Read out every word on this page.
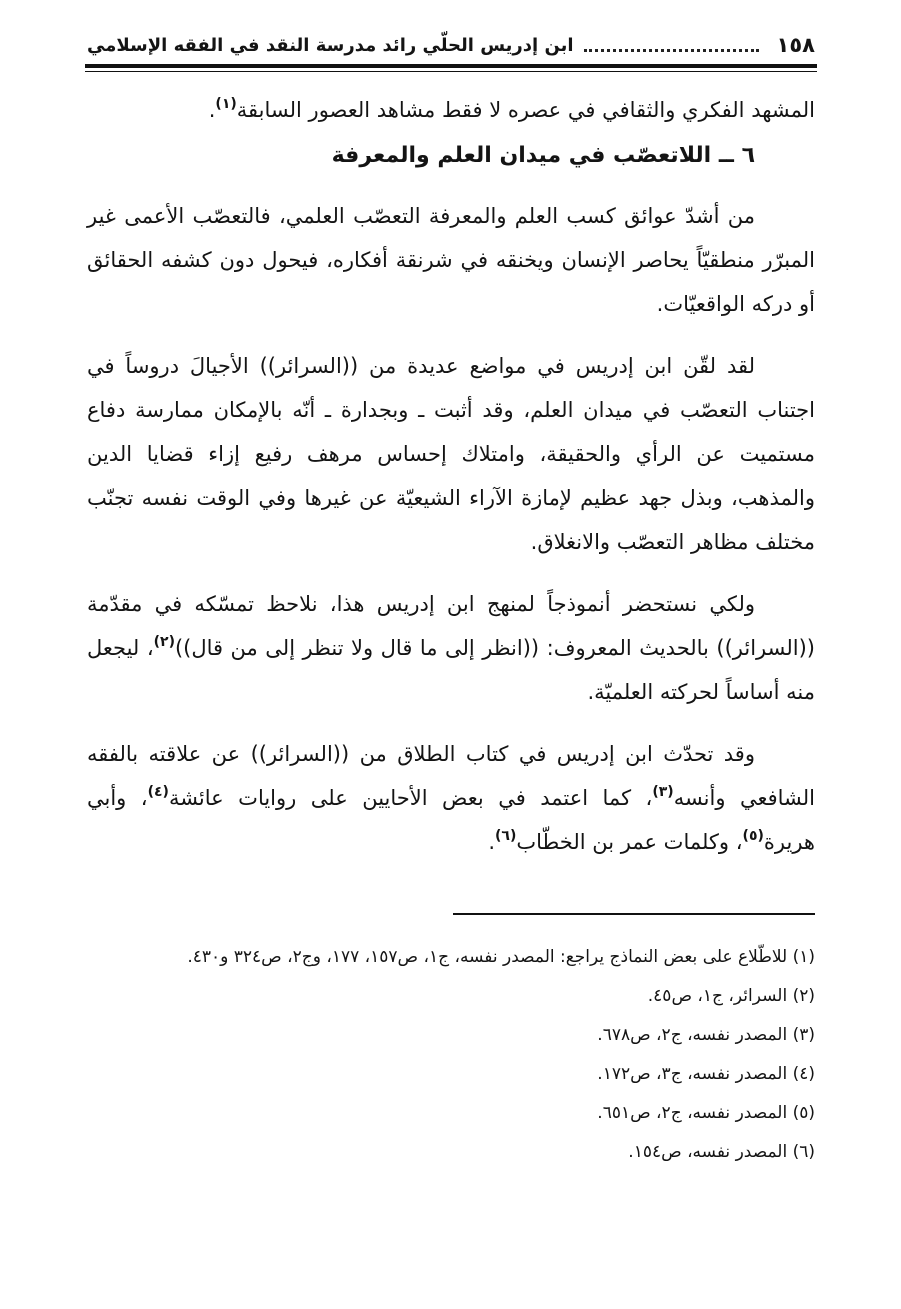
١٥٨
ابن إدريس الحلّي رائد مدرسة النقد في الفقه الإسلامي

المشهد الفكري والثقافي في عصره لا فقط مشاهد العصور السابقة$^{(١)}$.

٦ ــ اللاتعصّب في ميدان العلم والمعرفة

من أشدّ عوائق كسب العلم والمعرفة التعصّب العلمي، فالتعصّب الأعمى غير المبرّر منطقيّاً يحاصر الإنسان ويخنقه في شرنقة أفكاره، فيحول دون كشفه الحقائق أو دركه الواقعيّات.

لقد لقّن ابن إدريس في مواضع عديدة من ((السرائر)) الأجيالَ دروساً في اجتناب التعصّب في ميدان العلم، وقد أثبت ـ وبجدارة ـ أنّه بالإمكان ممارسة دفاع مستميت عن الرأي والحقيقة، وامتلاك إحساس مرهف رفيع إزاء قضايا الدين والمذهب، وبذل جهد عظيم لإمازة الآراء الشيعيّة عن غيرها وفي الوقت نفسه تجنّب مختلف مظاهر التعصّب والانغلاق.

ولكي نستحضر أنموذجاً لمنهج ابن إدريس هذا، نلاحظ تمسّكه في مقدّمة ((السرائر)) بالحديث المعروف: ((انظر إلى ما قال ولا تنظر إلى من قال))$^{(٢)}$، ليجعل منه أساساً لحركته العلميّة.

وقد تحدّث ابن إدريس في كتاب الطلاق من ((السرائر)) عن علاقته بالفقه الشافعي وأنسه$^{(٣)}$، كما اعتمد في بعض الأحايين على روايات عائشة$^{(٤)}$، وأبي هريرة$^{(٥)}$، وكلمات عمر بن الخطّاب$^{(٦)}$.

(١) للاطّلاع على بعض النماذج يراجع: المصدر نفسه، ج١، ص١٥٧، ١٧٧، وج٢، ص٣٢٤ و٤٣٠.
(٢) السرائر، ج١، ص٤٥.
(٣) المصدر نفسه، ج٢، ص٦٧٨.
(٤) المصدر نفسه، ج٣، ص١٧٢.
(٥) المصدر نفسه، ج٢، ص٦٥١.
(٦) المصدر نفسه، ص١٥٤.
